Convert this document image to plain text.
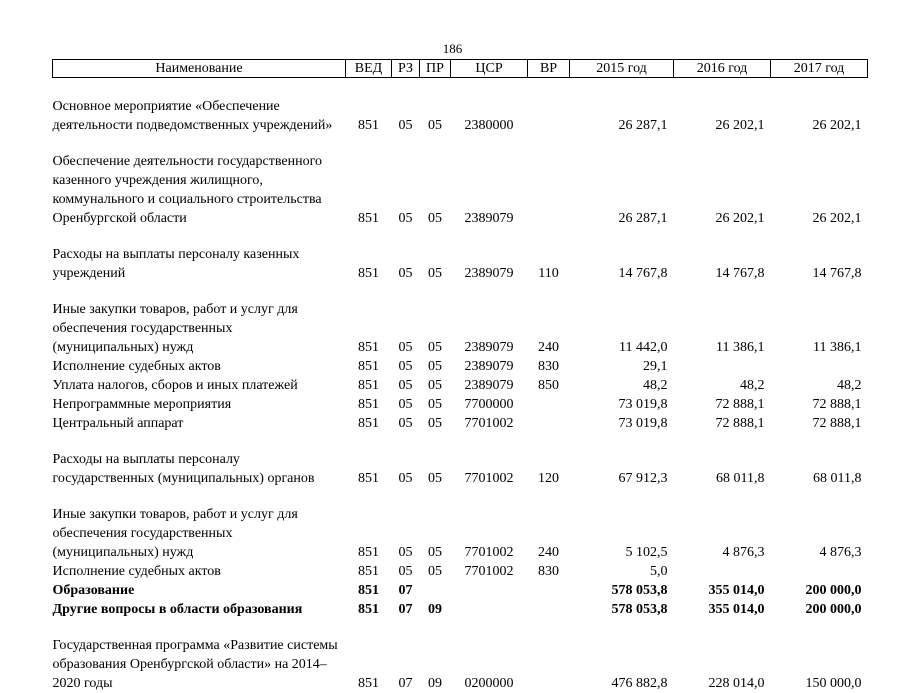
186
Наименование	ВЕД	РЗ	ПР	ЦСР	ВР	2015 год	2016 год	2017 год
Основное мероприятие «Обеспечение деятельности подведомственных учреждений»	851	05	05	2380000		26 287,1	26 202,1	26 202,1
Обеспечение деятельности государственного казенного учреждения жилищного, коммунального и социального строительства Оренбургской области	851	05	05	2389079		26 287,1	26 202,1	26 202,1
Расходы на выплаты персоналу казенных учреждений	851	05	05	2389079	110	14 767,8	14 767,8	14 767,8
Иные закупки товаров, работ и услуг для обеспечения государственных (муниципальных) нужд	851	05	05	2389079	240	11 442,0	11 386,1	11 386,1
Исполнение судебных актов	851	05	05	2389079	830	29,1		
Уплата налогов, сборов и иных платежей	851	05	05	2389079	850	48,2	48,2	48,2
Непрограммные мероприятия	851	05	05	7700000		73 019,8	72 888,1	72 888,1
Центральный аппарат	851	05	05	7701002		73 019,8	72 888,1	72 888,1
Расходы на выплаты персоналу государственных (муниципальных) органов	851	05	05	7701002	120	67 912,3	68 011,8	68 011,8
Иные закупки товаров, работ и услуг для обеспечения государственных (муниципальных) нужд	851	05	05	7701002	240	5 102,5	4 876,3	4 876,3
Исполнение судебных актов	851	05	05	7701002	830	5,0		
Образование	851	07				578 053,8	355 014,0	200 000,0
Другие вопросы в области образования	851	07	09			578 053,8	355 014,0	200 000,0
Государственная программа «Развитие системы образования Оренбургской области» на 2014–2020 годы	851	07	09	0200000		476 882,8	228 014,0	150 000,0
